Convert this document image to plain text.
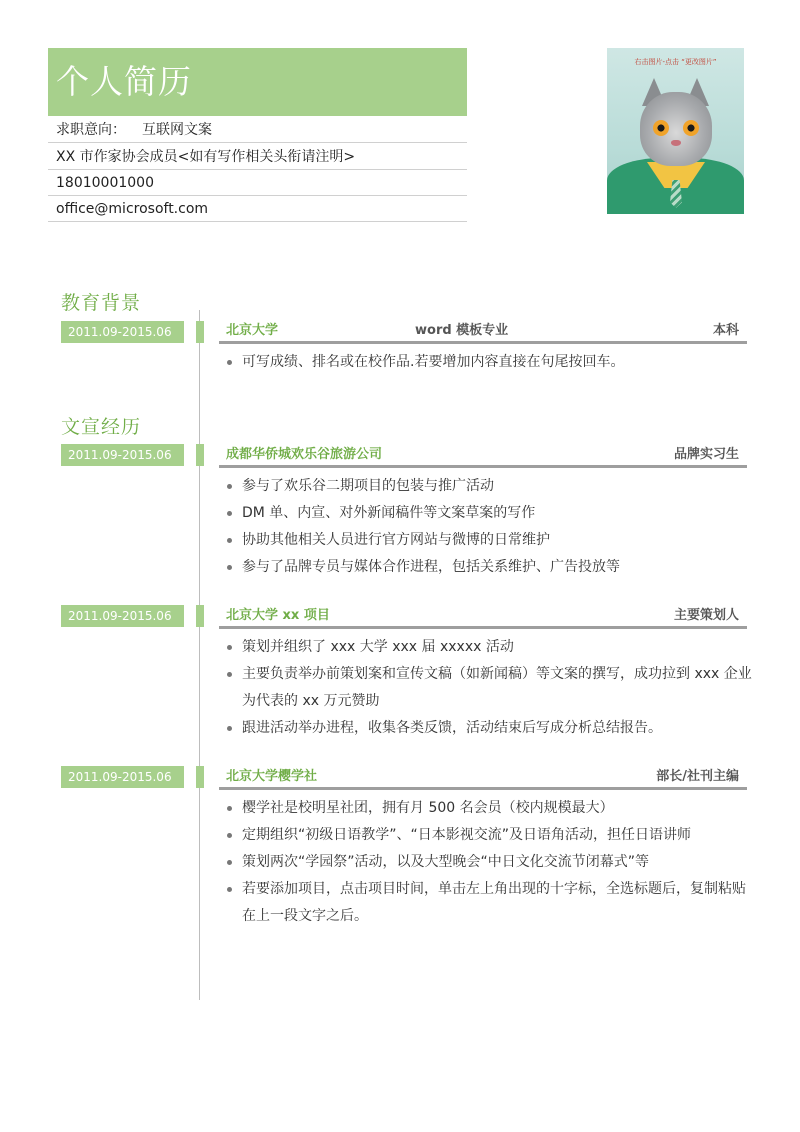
个人简历
求职意向： 互联网文案
XX 市作家协会成员<如有写作相关头衔请注明>
18010001000
office@microsoft.com
右击图片-点击 “更改图片”
教育背景
2011.09-2015.06	北京大学	word 模板专业	本科
可写成绩、排名或在校作品.若要增加内容直接在句尾按回车。
文宣经历
2011.09-2015.06	成都华侨城欢乐谷旅游公司	品牌实习生
参与了欢乐谷二期项目的包装与推广活动
DM 单、内宣、对外新闻稿件等文案草案的写作
协助其他相关人员进行官方网站与微博的日常维护
参与了品牌专员与媒体合作进程，包括关系维护、广告投放等
2011.09-2015.06	北京大学 xx 项目	主要策划人
策划并组织了 xxx 大学 xxx 届 xxxxx 活动
主要负责举办前策划案和宣传文稿（如新闻稿）等文案的撰写，成功拉到 xxx 企业为代表的 xx 万元赞助
跟进活动举办进程，收集各类反馈，活动结束后写成分析总结报告。
2011.09-2015.06	北京大学樱学社	部长/社刊主编
樱学社是校明星社团，拥有月 500 名会员（校内规模最大）
定期组织“初级日语教学”、“日本影视交流”及日语角活动，担任日语讲师
策划两次“学园祭”活动，以及大型晚会“中日文化交流节闭幕式”等
若要添加项目，点击项目时间，单击左上角出现的十字标，全选标题后，复制粘贴在上一段文字之后。
